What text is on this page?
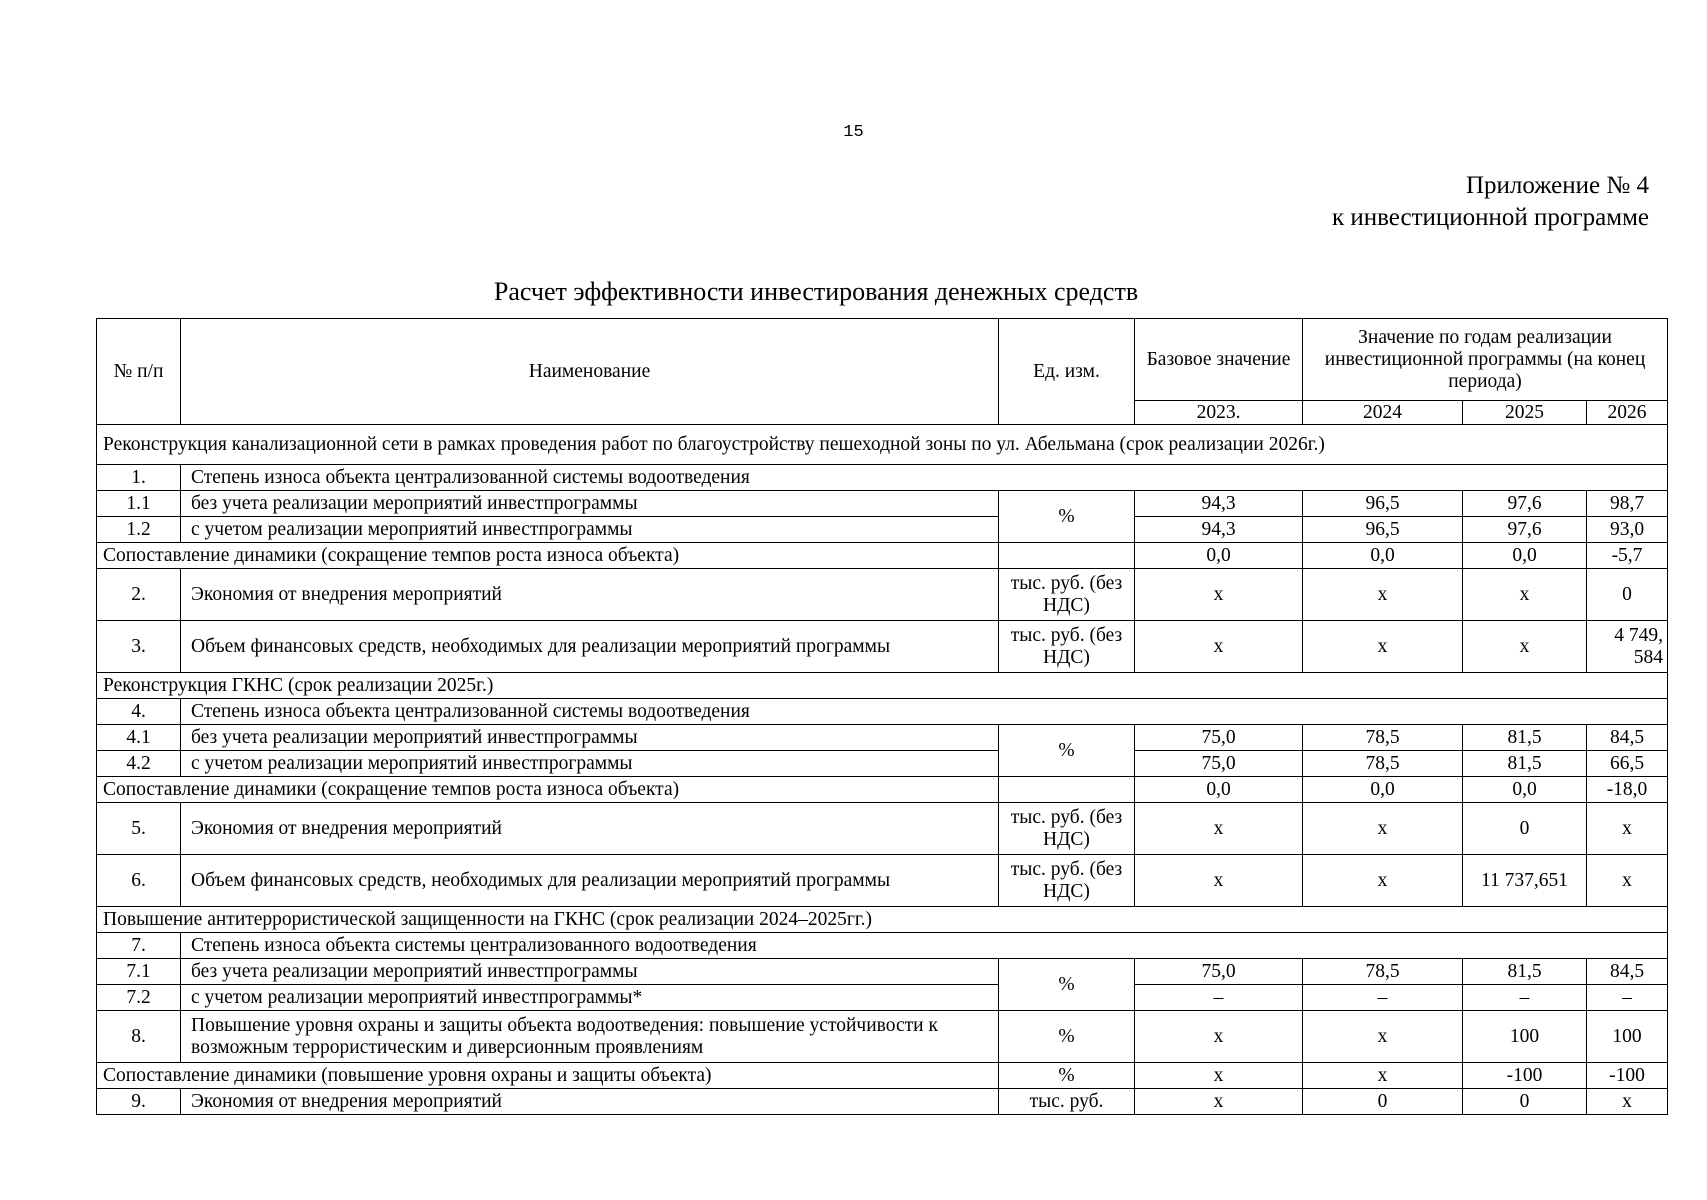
15
Приложение № 4
к инвестиционной программе
Расчет эффективности инвестирования денежных средств
№ п/п	Наименование	Ед. изм.	Базовое значение	Значение по годам реализации инвестиционной программы (на конец периода)		
			2023.	2024	2025	2026
Реконструкция канализационной сети в рамках проведения работ по благоустройству пешеходной зоны по ул. Абельмана (срок реализации 2026г.)						
1.	Степень износа объекта централизованной системы водоотведения					
1.1	без учета реализации мероприятий инвестпрограммы	%	94,3	96,5	97,6	98,7
1.2	с учетом реализации мероприятий инвестпрограммы		94,3	96,5	97,6	93,0
Сопоставление динамики (сокращение темпов роста износа объекта)			0,0	0,0	0,0	-5,7
2.	Экономия от внедрения мероприятий	тыс. руб. (без НДС)	х	х	х	0
3.	Объем финансовых средств, необходимых для реализации мероприятий программы	тыс. руб. (без НДС)	х	х	х	4 749, 584
Реконструкция ГКНС (срок реализации 2025г.)						
4.	Степень износа объекта централизованной системы водоотведения					
4.1	без учета реализации мероприятий инвестпрограммы	%	75,0	78,5	81,5	84,5
4.2	с учетом реализации мероприятий инвестпрограммы		75,0	78,5	81,5	66,5
Сопоставление динамики (сокращение темпов роста износа объекта)			0,0	0,0	0,0	-18,0
5.	Экономия от внедрения мероприятий	тыс. руб. (без НДС)	х	х	0	х
6.	Объем финансовых средств, необходимых для реализации мероприятий программы	тыс. руб. (без НДС)	х	х	11 737,651	х
Повышение антитеррористической защищенности на ГКНС (срок реализации 2024–2025гг.)						
7.	Степень износа объекта системы централизованного водоотведения					
7.1	без учета реализации мероприятий инвестпрограммы	%	75,0	78,5	81,5	84,5
7.2	с учетом реализации мероприятий инвестпрограммы*		–	–	–	–
8.	Повышение уровня охраны и защиты объекта водоотведения: повышение устойчивости к возможным террористическим и диверсионным проявлениям	%	х	х	100	100
Сопоставление динамики (повышение уровня охраны и защиты объекта)		%	х	х	-100	-100
9.	Экономия от внедрения мероприятий	тыс. руб.	х	0	0	х
